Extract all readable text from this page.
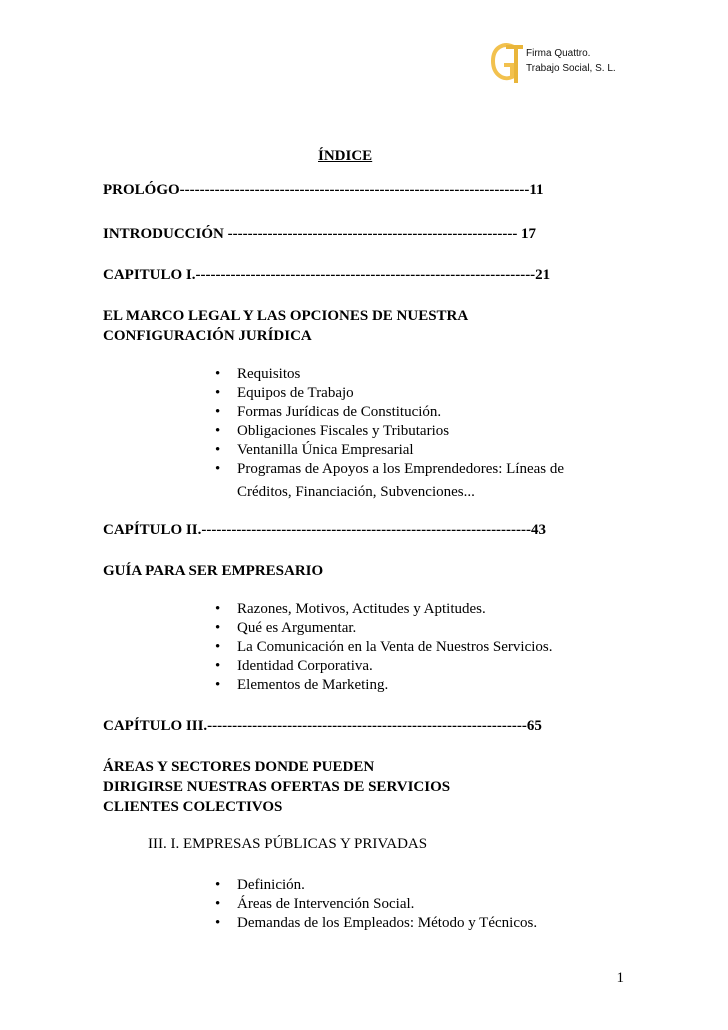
Firma Quattro.
Trabajo Social, S. L.
ÍNDICE
PROLÓGO----------------------------------------------------------------------11
INTRODUCCIÓN ---------------------------------------------------------- 17
CAPITULO I.--------------------------------------------------------------------21
EL MARCO LEGAL Y LAS OPCIONES DE NUESTRA
CONFIGURACIÓN JURÍDICA
• Requisitos
• Equipos de Trabajo
• Formas Jurídicas de Constitución.
• Obligaciones Fiscales y Tributarios
• Ventanilla Única Empresarial
• Programas de Apoyos a los Emprendedores: Líneas de
Créditos, Financiación, Subvenciones...
CAPÍTULO II.------------------------------------------------------------------43
GUÍA PARA SER EMPRESARIO
• Razones, Motivos, Actitudes y Aptitudes.
• Qué es Argumentar.
• La Comunicación en la Venta de Nuestros Servicios.
• Identidad Corporativa.
• Elementos de Marketing.
CAPÍTULO III.----------------------------------------------------------------65
ÁREAS Y SECTORES DONDE PUEDEN
DIRIGIRSE NUESTRAS OFERTAS DE SERVICIOS
CLIENTES COLECTIVOS
III. I. EMPRESAS PÚBLICAS Y PRIVADAS
• Definición.
• Áreas de Intervención Social.
• Demandas de los Empleados: Método y Técnicos.
1
